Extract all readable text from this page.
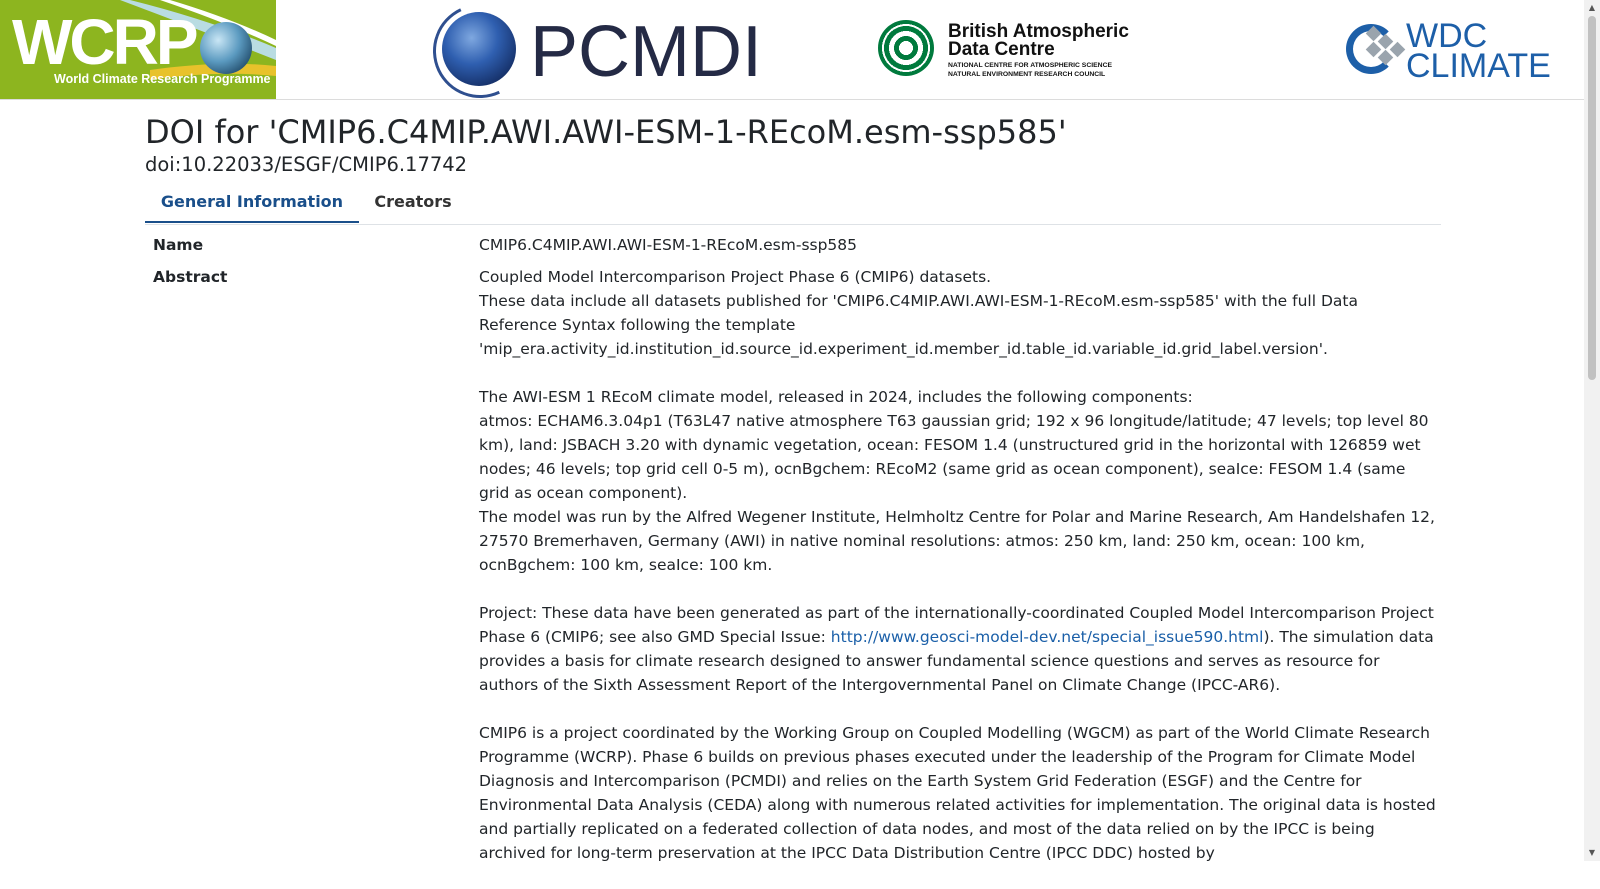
WCRP
World Climate Research Programme	PCMDI	British Atmospheric
Data Centre
NATIONAL CENTRE FOR ATMOSPHERIC SCIENCE
NATURAL ENVIRONMENT RESEARCH COUNCIL
WDC
CLIMATE
▲
▼
DOI for 'CMIP6.C4MIP.AWI.AWI-ESM-1-REcoM.esm-ssp585'
doi:10.22033/ESGF/CMIP6.17742
General Information	Creators
Name	CMIP6.C4MIP.AWI.AWI-ESM-1-REcoM.esm-ssp585
Abstract	Coupled Model Intercomparison Project Phase 6 (CMIP6) datasets.

These data include all datasets published for 'CMIP6.C4MIP.AWI.AWI-ESM-1-REcoM.esm-ssp585' with the full Data Reference Syntax following the template 'mip_era.activity_id.institution_id.source_id.experiment_id.member_id.table_id.variable_id.grid_label.version'.

The AWI-ESM 1 REcoM climate model, released in 2024, includes the following components:

atmos: ECHAM6.3.04p1 (T63L47 native atmosphere T63 gaussian grid; 192 x 96 longitude/latitude; 47 levels; top level 80 km), land: JSBACH 3.20 with dynamic vegetation, ocean: FESOM 1.4 (unstructured grid in the horizontal with 126859 wet nodes; 46 levels; top grid cell 0-5 m), ocnBgchem: REcoM2 (same grid as ocean component), seaIce: FESOM 1.4 (same grid as ocean component).

The model was run by the Alfred Wegener Institute, Helmholtz Centre for Polar and Marine Research, Am Handelshafen 12, 27570 Bremerhaven, Germany (AWI) in native nominal resolutions: atmos: 250 km, land: 250 km, ocean: 100 km, ocnBgchem: 100 km, seaIce: 100 km.

Project: These data have been generated as part of the internationally-coordinated Coupled Model Intercomparison Project Phase 6 (CMIP6; see also GMD Special Issue: http://www.geosci-model-dev.net/special_issue590.html). The simulation data provides a basis for climate research designed to answer fundamental science questions and serves as resource for authors of the Sixth Assessment Report of the Intergovernmental Panel on Climate Change (IPCC-AR6).

CMIP6 is a project coordinated by the Working Group on Coupled Modelling (WGCM) as part of the World Climate Research Programme (WCRP). Phase 6 builds on previous phases executed under the leadership of the Program for Climate Model Diagnosis and Intercomparison (PCMDI) and relies on the Earth System Grid Federation (ESGF) and the Centre for Environmental Data Analysis (CEDA) along with numerous related activities for implementation. The original data is hosted and partially replicated on a federated collection of data nodes, and most of the data relied on by the IPCC is being archived for long-term preservation at the IPCC Data Distribution Centre (IPCC DDC) hosted by
